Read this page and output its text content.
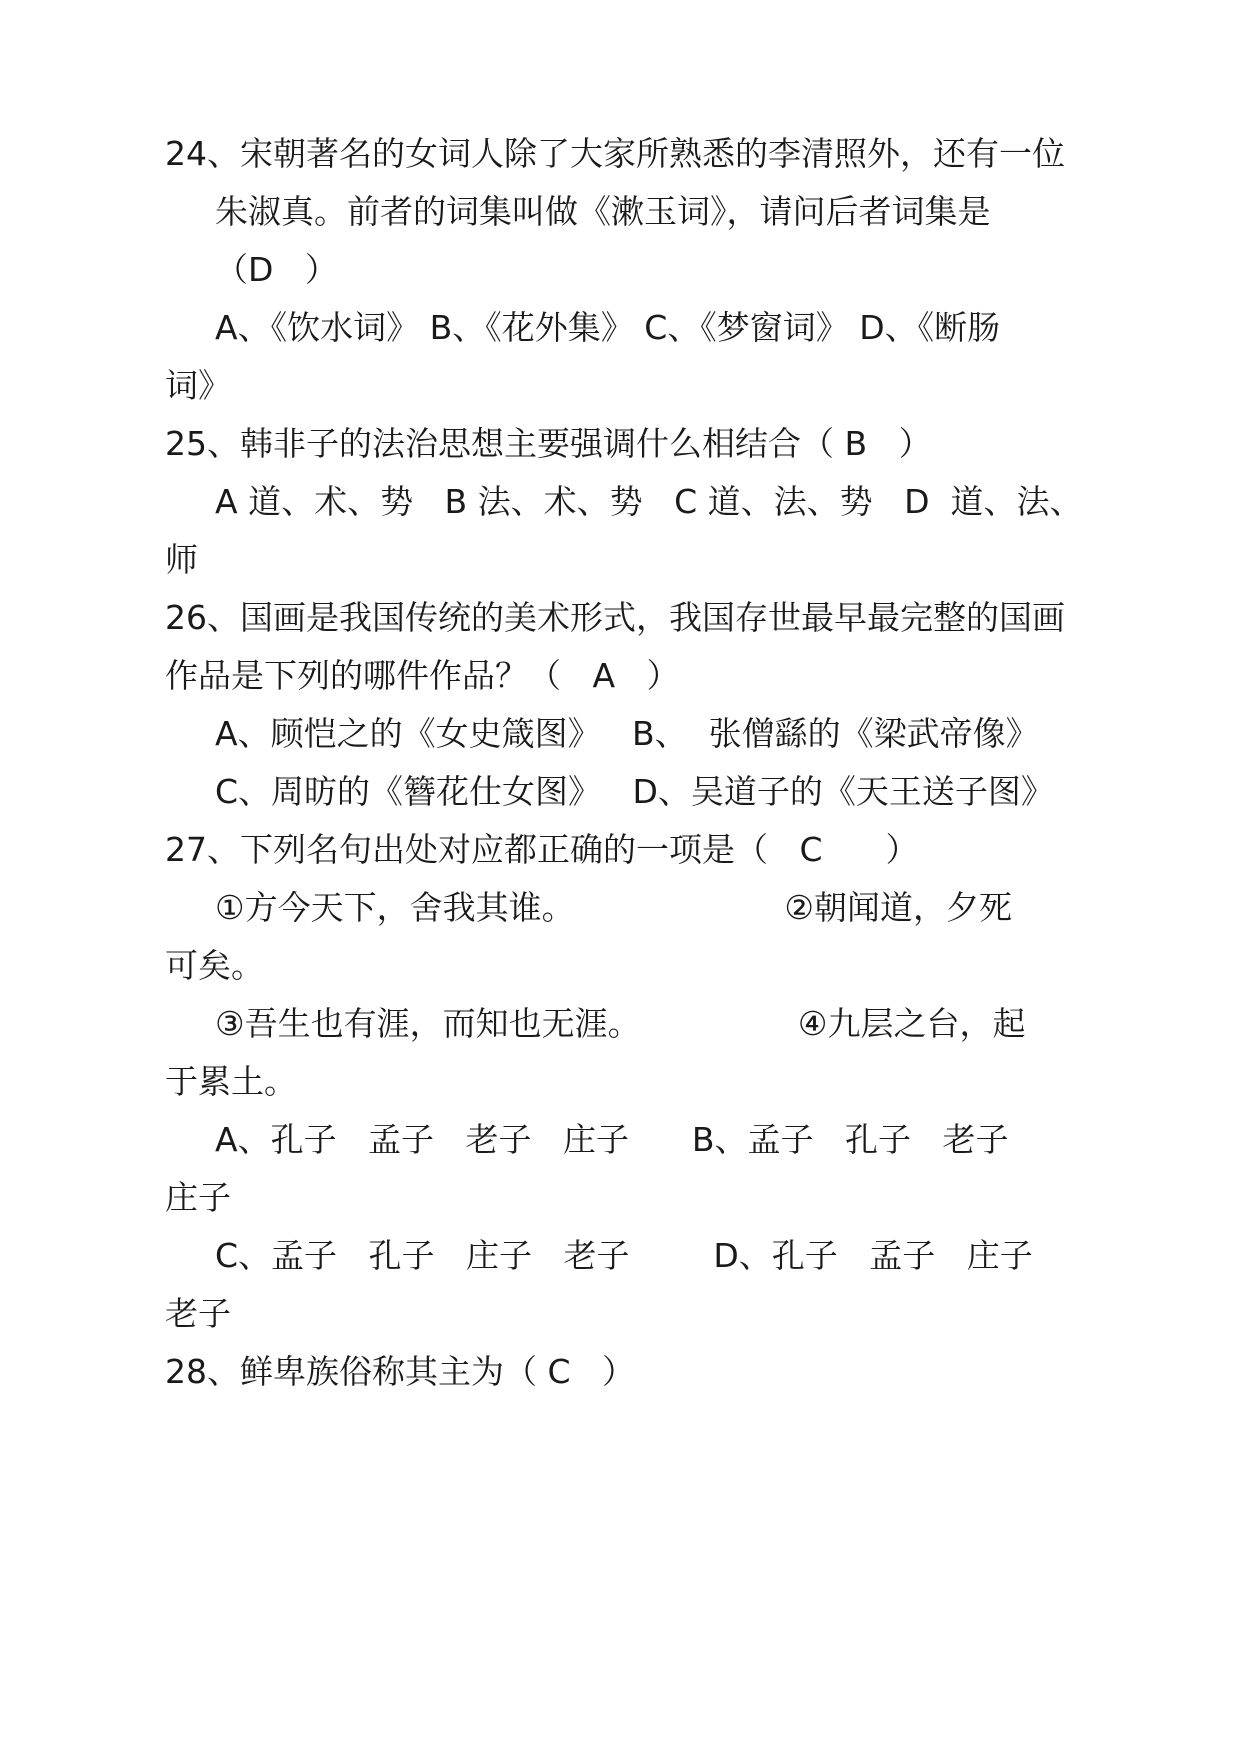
24、宋朝著名的女词人除了大家所熟悉的李清照外，还有一位
朱淑真。前者的词集叫做《漱玉词》，请问后者词集是
（D   ）
A、《饮水词》 B、《花外集》 C、《梦窗词》 D、《断肠
词》
25、韩非子的法治思想主要强调什么相结合（ B   ）
A 道、术、势   B 法、术、势   C 道、法、势   D  道、法、
师
26、国画是我国传统的美术形式，我国存世最早最完整的国画
作品是下列的哪件作品？（   A   ）
A、顾恺之的《女史箴图》   B、  张僧繇的《梁武帝像》
C、周昉的《簪花仕女图》   D、吴道子的《天王送子图》
27、下列名句出处对应都正确的一项是（   C      ）
①方今天下，舍我其谁。                    ②朝闻道，夕死
可矣。
③吾生也有涯，而知也无涯。               ④九层之台，起
于累土。
A、孔子   孟子   老子   庄子      B、孟子   孔子   老子
庄子
C、孟子   孔子   庄子   老子        D、孔子   孟子   庄子
老子
28、鲜卑族俗称其主为（ C   ）
